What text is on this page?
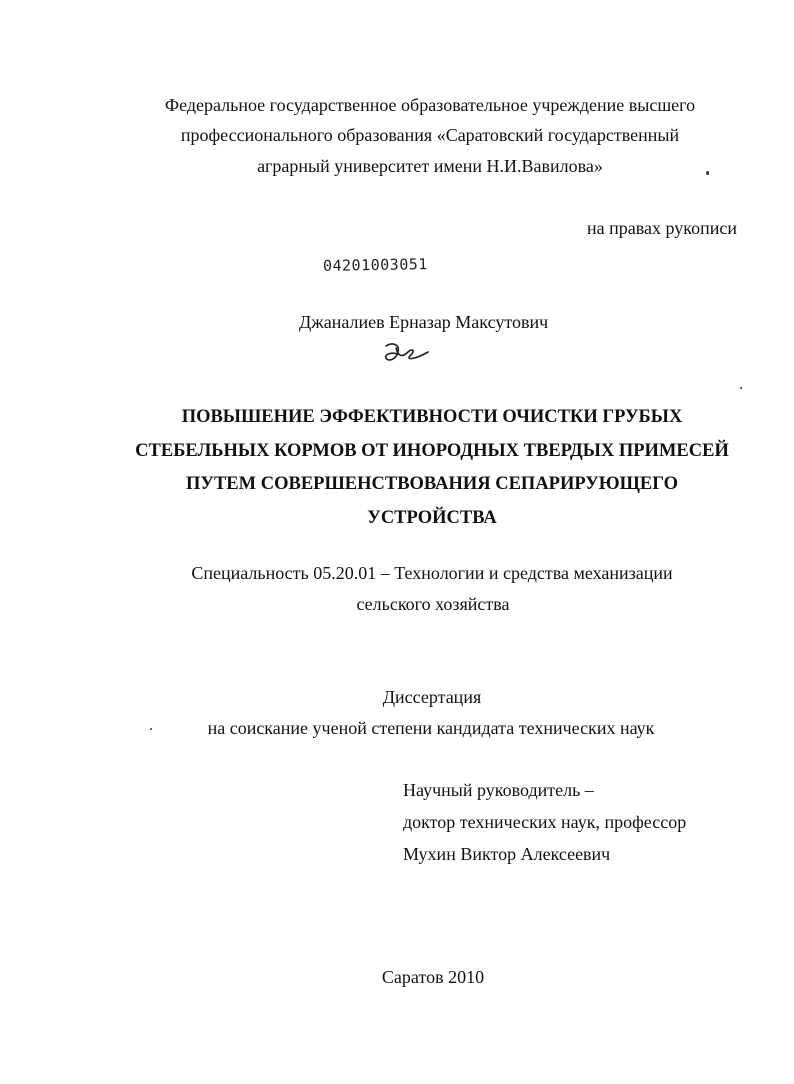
Федеральное государственное образовательное учреждение высшего
профессионального образования «Саратовский государственный
аграрный университет имени Н.И.Вавилова»
на правах рукописи
04201003051
Джаналиев Ерназар Максутович
ПОВЫШЕНИЕ ЭФФЕКТИВНОСТИ ОЧИСТКИ ГРУБЫХ
СТЕБЕЛЬНЫХ КОРМОВ ОТ ИНОРОДНЫХ ТВЕРДЫХ ПРИМЕСЕЙ
ПУТЕМ СОВЕРШЕНСТВОВАНИЯ СЕПАРИРУЮЩЕГО
УСТРОЙСТВА
Специальность 05.20.01 – Технологии и средства механизации
сельского хозяйства
Диссертация
на соискание ученой степени кандидата технических наук
Научный руководитель –
доктор технических наук, профессор
Мухин Виктор Алексеевич
Саратов 2010
